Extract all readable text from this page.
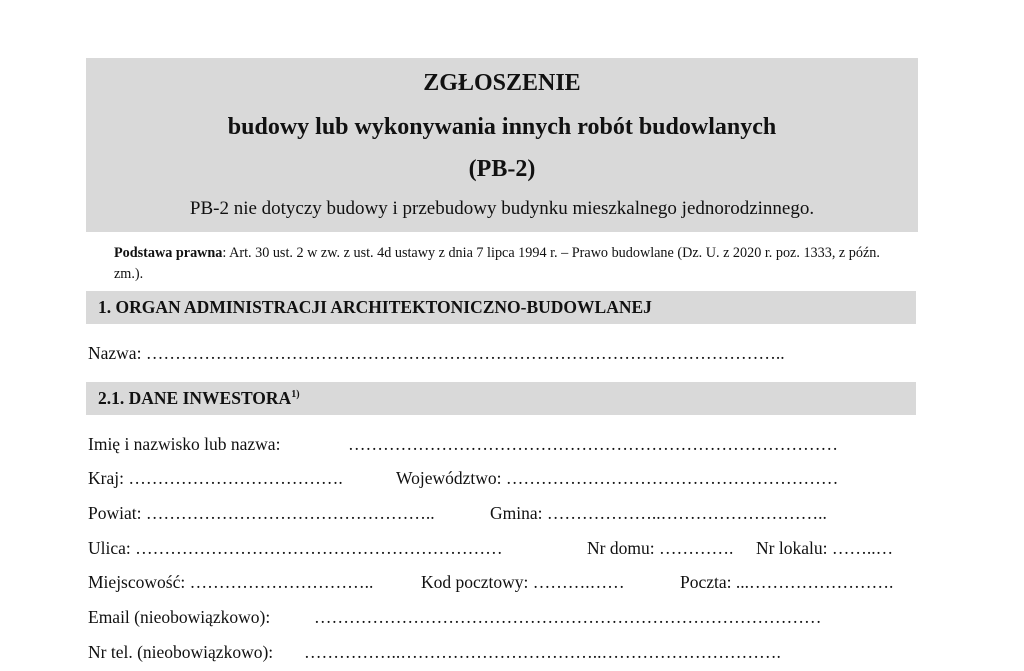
ZGŁOSZENIE
budowy lub wykonywania innych robót budowlanych
(PB-2)
PB-2 nie dotyczy budowy i przebudowy budynku mieszkalnego jednorodzinnego.
Podstawa prawna: Art. 30 ust. 2 w zw. z ust. 4d ustawy z dnia 7 lipca 1994 r. – Prawo budowlane (Dz. U. z 2020 r. poz. 1333, z późn. zm.).
1. ORGAN ADMINISTRACJI ARCHITEKTONICZNO-BUDOWLANEJ
Nazwa: ………………………………………………………………………………………………..
2.1. DANE INWESTORA$^{1)}$
Imię i nazwisko lub nazwa:	…………………………………………………………………………
Kraj: ……………………………….	Województwo: …………………………………………………
Powiat: …………………………………………..	Gmina: ………………..………………………..
Ulica: ………………………………………………………	Nr domu: …………. Nr lokalu: ……..…
Miejscowość: …………………………..	Kod pocztowy: ……….……	Poczta: ...…………………….
Email (nieobowiązkowo):	……………………………………………………………………………
Nr tel. (nieobowiązkowo): ……………..……………………………..………………………….
